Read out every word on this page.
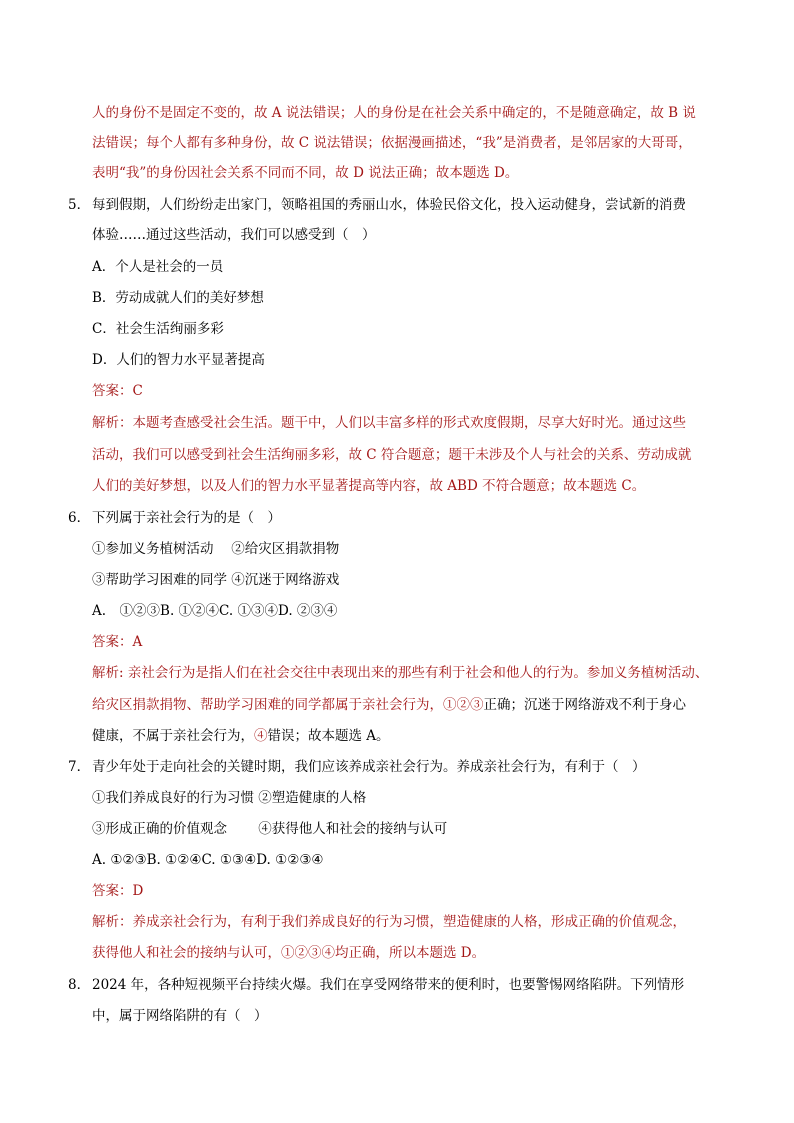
人的身份不是固定不变的，故 A 说法错误；人的身份是在社会关系中确定的，不是随意确定，故 B 说
法错误；每个人都有多种身份，故 C 说法错误；依据漫画描述，“我”是消费者，是邻居家的大哥哥，
表明“我”的身份因社会关系不同而不同，故 D 说法正确；故本题选 D。
5． 每到假期，人们纷纷走出家门，领略祖国的秀丽山水，体验民俗文化，投入运动健身，尝试新的消费
体验……通过这些活动，我们可以感受到（　）
A．个人是社会的一员
B．劳动成就人们的美好梦想
C．社会生活绚丽多彩
D．人们的智力水平显著提高
答案：C
解析：本题考查感受社会生活。题干中，人们以丰富多样的形式欢度假期，尽享大好时光。通过这些
活动，我们可以感受到社会生活绚丽多彩，故 C 符合题意；题干未涉及个人与社会的关系、劳动成就
人们的美好梦想，以及人们的智力水平显著提高等内容，故 ABD 不符合题意；故本题选 C。
6． 下列属于亲社会行为的是（　）
①参加义务植树活动　 ②给灾区捐款捐物
③帮助学习困难的同学 ④沉迷于网络游戏
A.　①②③B. ①②④C. ①③④D. ②③④
答案：A
解析: 亲社会行为是指人们在社会交往中表现出来的那些有利于社会和他人的行为。参加义务植树活动、
给灾区捐款捐物、帮助学习困难的同学都属于亲社会行为，①②③正确；沉迷于网络游戏不利于身心
健康，不属于亲社会行为，④错误；故本题选 A。
7． 青少年处于走向社会的关键时期，我们应该养成亲社会行为。养成亲社会行为，有利于（　）
①我们养成良好的行为习惯 ②塑造健康的人格
③形成正确的价值观念　　 ④获得他人和社会的接纳与认可
A. ①②③B. ①②④C. ①③④D. ①②③④
答案：D
解析：养成亲社会行为，有利于我们养成良好的行为习惯，塑造健康的人格，形成正确的价值观念，
获得他人和社会的接纳与认可，①②③④均正确，所以本题选 D。
8． 2024 年，各种短视频平台持续火爆。我们在享受网络带来的便利时，也要警惕网络陷阱。下列情形
中，属于网络陷阱的有（　）
